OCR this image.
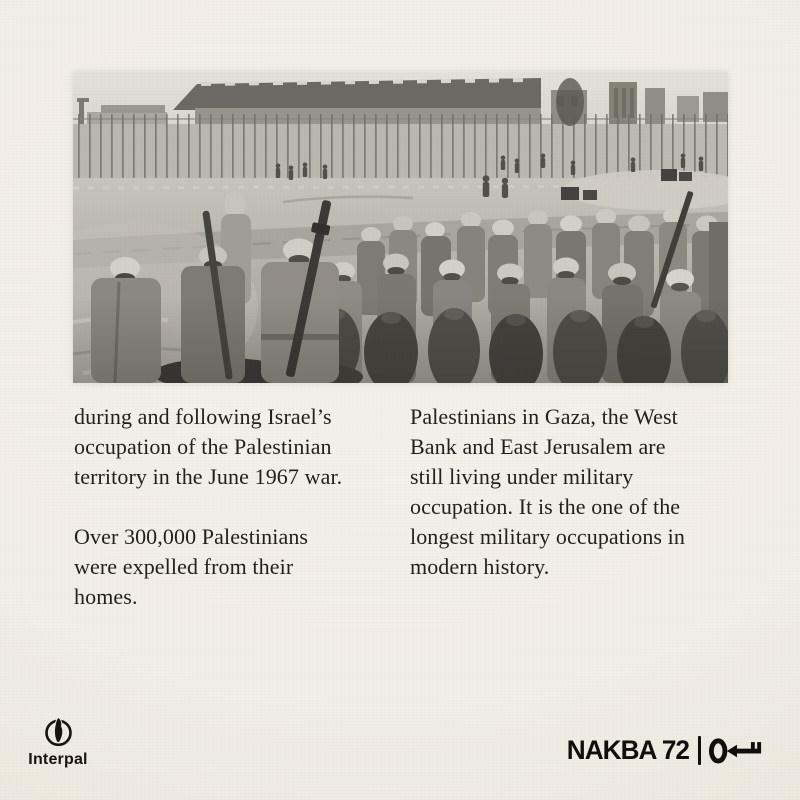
during and following Israel’s
occupation of the Palestinian
territory in the June 1967 war.

Over 300,000 Palestinians
were expelled from their
homes.

Palestinians in Gaza, the West
Bank and East Jerusalem are
still living under military
occupation. It is the one of the
longest military occupations in
modern history.

Interpal	NAKBA 72
